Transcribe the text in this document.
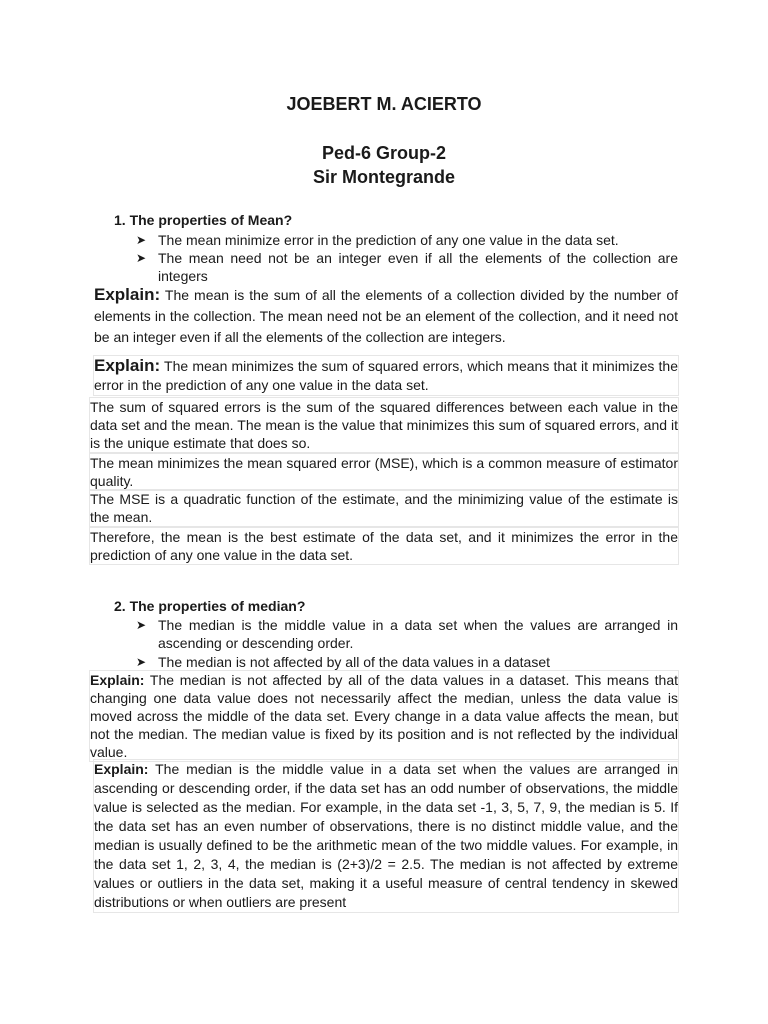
JOEBERT M. ACIERTO
Ped-6 Group-2
Sir Montegrande
1. The properties of Mean?
➤ The mean minimize error in the prediction of any one value in the data set.
➤ The mean need not be an integer even if all the elements of the collection are integers
Explain: The mean is the sum of all the elements of a collection divided by the number of elements in the collection. The mean need not be an element of the collection, and it need not be an integer even if all the elements of the collection are integers.
Explain: The mean minimizes the sum of squared errors, which means that it minimizes the error in the prediction of any one value in the data set.
The sum of squared errors is the sum of the squared differences between each value in the data set and the mean. The mean is the value that minimizes this sum of squared errors, and it is the unique estimate that does so.
The mean minimizes the mean squared error (MSE), which is a common measure of estimator quality.
The MSE is a quadratic function of the estimate, and the minimizing value of the estimate is the mean.
Therefore, the mean is the best estimate of the data set, and it minimizes the error in the prediction of any one value in the data set.
2. The properties of median?
➤ The median is the middle value in a data set when the values are arranged in ascending or descending order.
➤ The median is not affected by all of the data values in a dataset
Explain: The median is not affected by all of the data values in a dataset. This means that changing one data value does not necessarily affect the median, unless the data value is moved across the middle of the data set. Every change in a data value affects the mean, but not the median. The median value is fixed by its position and is not reflected by the individual value.
Explain: The median is the middle value in a data set when the values are arranged in ascending or descending order, if the data set has an odd number of observations, the middle value is selected as the median. For example, in the data set -1, 3, 5, 7, 9, the median is 5. If the data set has an even number of observations, there is no distinct middle value, and the median is usually defined to be the arithmetic mean of the two middle values. For example, in the data set 1, 2, 3, 4, the median is (2+3)/2 = 2.5. The median is not affected by extreme values or outliers in the data set, making it a useful measure of central tendency in skewed distributions or when outliers are present
